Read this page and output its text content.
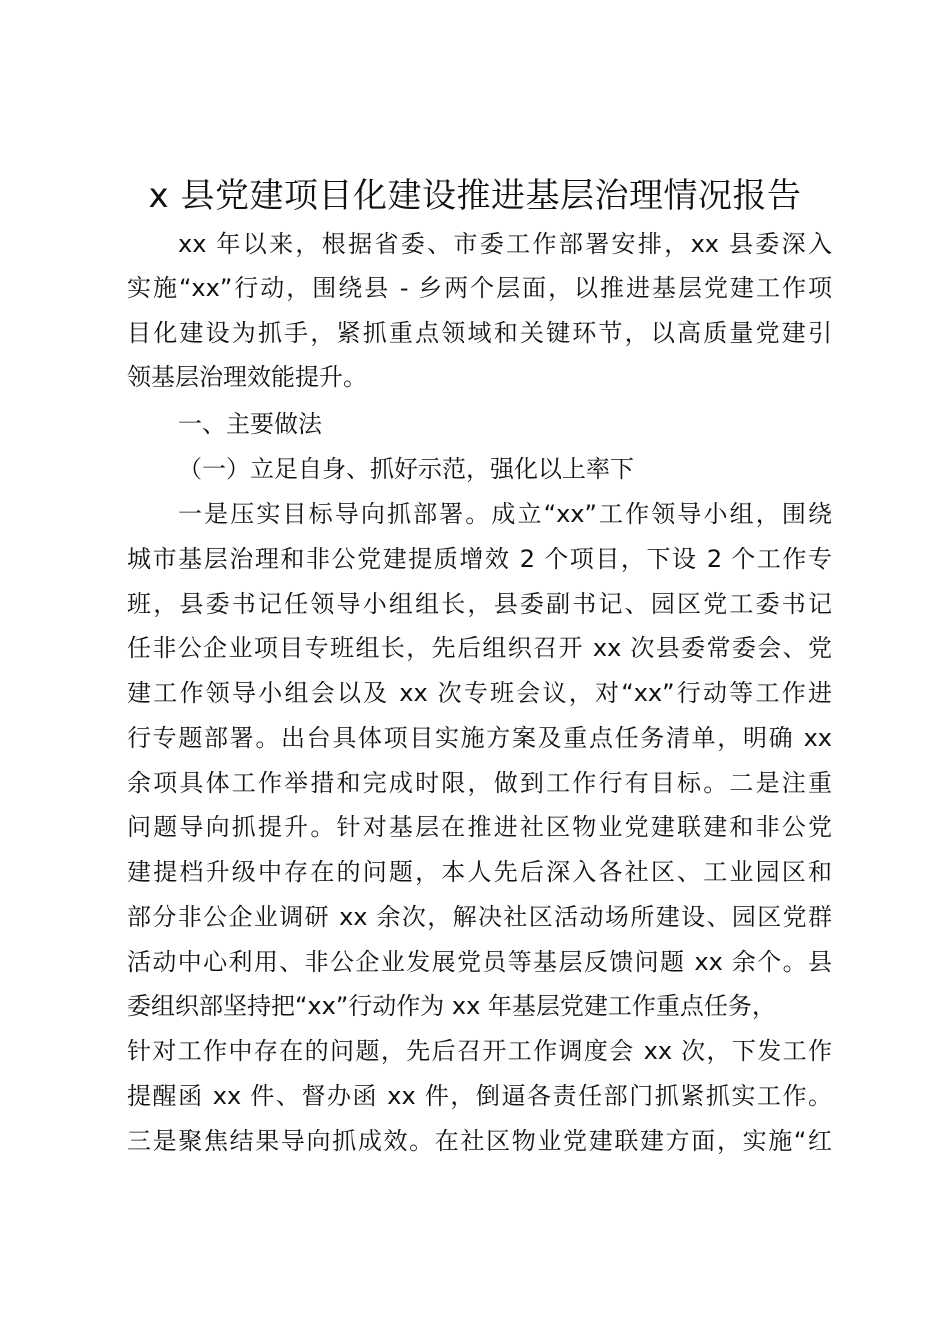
x 县党建项目化建设推进基层治理情况报告
xx 年以来，根据省委、市委工作部署安排，xx 县委深入
实施“xx”行动，围绕县 - 乡两个层面，以推进基层党建工作项
目化建设为抓手，紧抓重点领域和关键环节，以高质量党建引
领基层治理效能提升。
一、主要做法
（一）立足自身、抓好示范，强化以上率下
一是压实目标导向抓部署。成立“xx”工作领导小组，围绕
城市基层治理和非公党建提质增效 2 个项目，下设 2 个工作专
班，县委书记任领导小组组长，县委副书记、园区党工委书记
任非公企业项目专班组长，先后组织召开 xx 次县委常委会、党
建工作领导小组会以及 xx 次专班会议，对“xx”行动等工作进
行专题部署。出台具体项目实施方案及重点任务清单，明确 xx
余项具体工作举措和完成时限，做到工作行有目标。二是注重
问题导向抓提升。针对基层在推进社区物业党建联建和非公党
建提档升级中存在的问题，本人先后深入各社区、工业园区和
部分非公企业调研 xx 余次，解决社区活动场所建设、园区党群
活动中心利用、非公企业发展党员等基层反馈问题 xx 余个。县
委组织部坚持把“xx”行动作为 xx 年基层党建工作重点任务，
针对工作中存在的问题，先后召开工作调度会 xx 次，下发工作
提醒函 xx 件、督办函 xx 件，倒逼各责任部门抓紧抓实工作。
三是聚焦结果导向抓成效。在社区物业党建联建方面，实施“红
